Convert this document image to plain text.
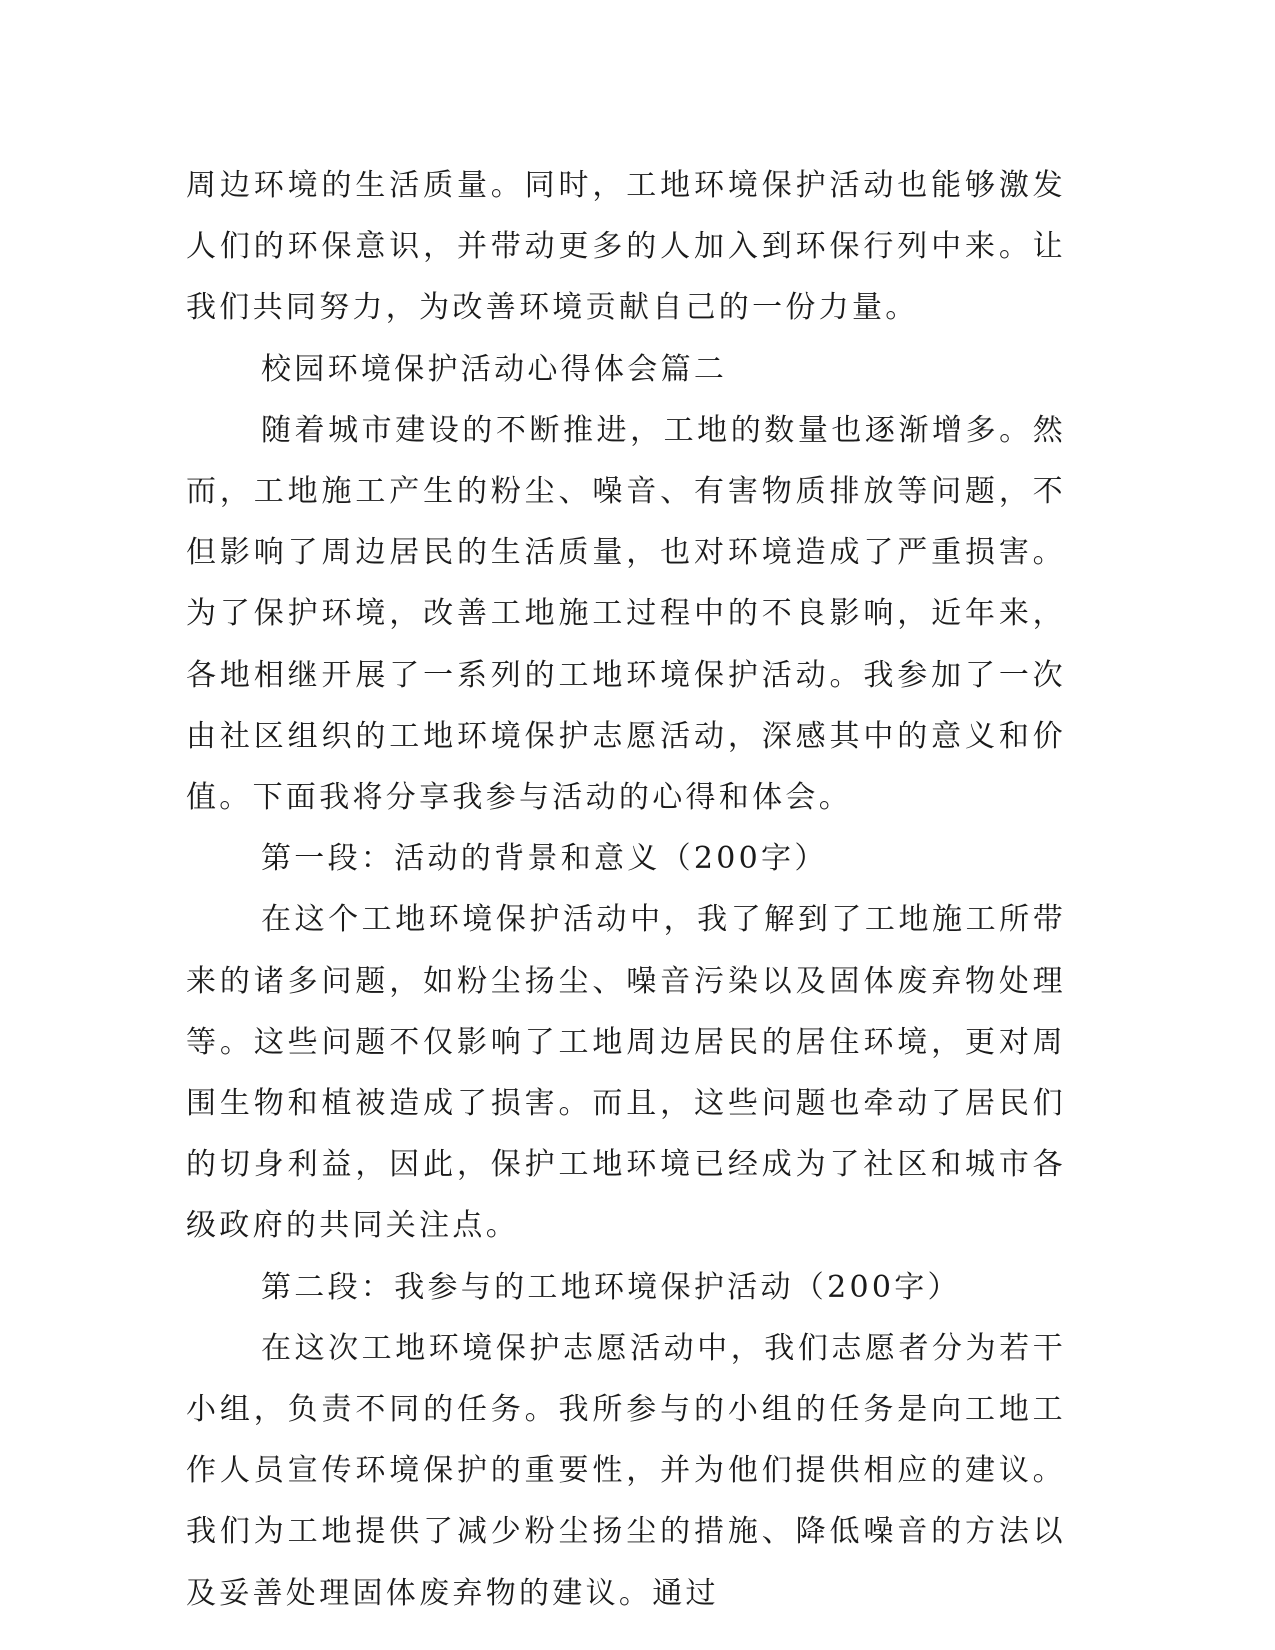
周边环境的生活质量。同时，工地环境保护活动也能够激发人们的环保意识，并带动更多的人加入到环保行列中来。让我们共同努力，为改善环境贡献自己的一份力量。

校园环境保护活动心得体会篇二

随着城市建设的不断推进，工地的数量也逐渐增多。然而，工地施工产生的粉尘、噪音、有害物质排放等问题，不但影响了周边居民的生活质量，也对环境造成了严重损害。为了保护环境，改善工地施工过程中的不良影响，近年来，各地相继开展了一系列的工地环境保护活动。我参加了一次由社区组织的工地环境保护志愿活动，深感其中的意义和价值。下面我将分享我参与活动的心得和体会。

第一段：活动的背景和意义（200字）

在这个工地环境保护活动中，我了解到了工地施工所带来的诸多问题，如粉尘扬尘、噪音污染以及固体废弃物处理等。这些问题不仅影响了工地周边居民的居住环境，更对周围生物和植被造成了损害。而且，这些问题也牵动了居民们的切身利益，因此，保护工地环境已经成为了社区和城市各级政府的共同关注点。

第二段：我参与的工地环境保护活动（200字）

在这次工地环境保护志愿活动中，我们志愿者分为若干小组，负责不同的任务。我所参与的小组的任务是向工地工作人员宣传环境保护的重要性，并为他们提供相应的建议。我们为工地提供了减少粉尘扬尘的措施、降低噪音的方法以及妥善处理固体废弃物的建议。通过
